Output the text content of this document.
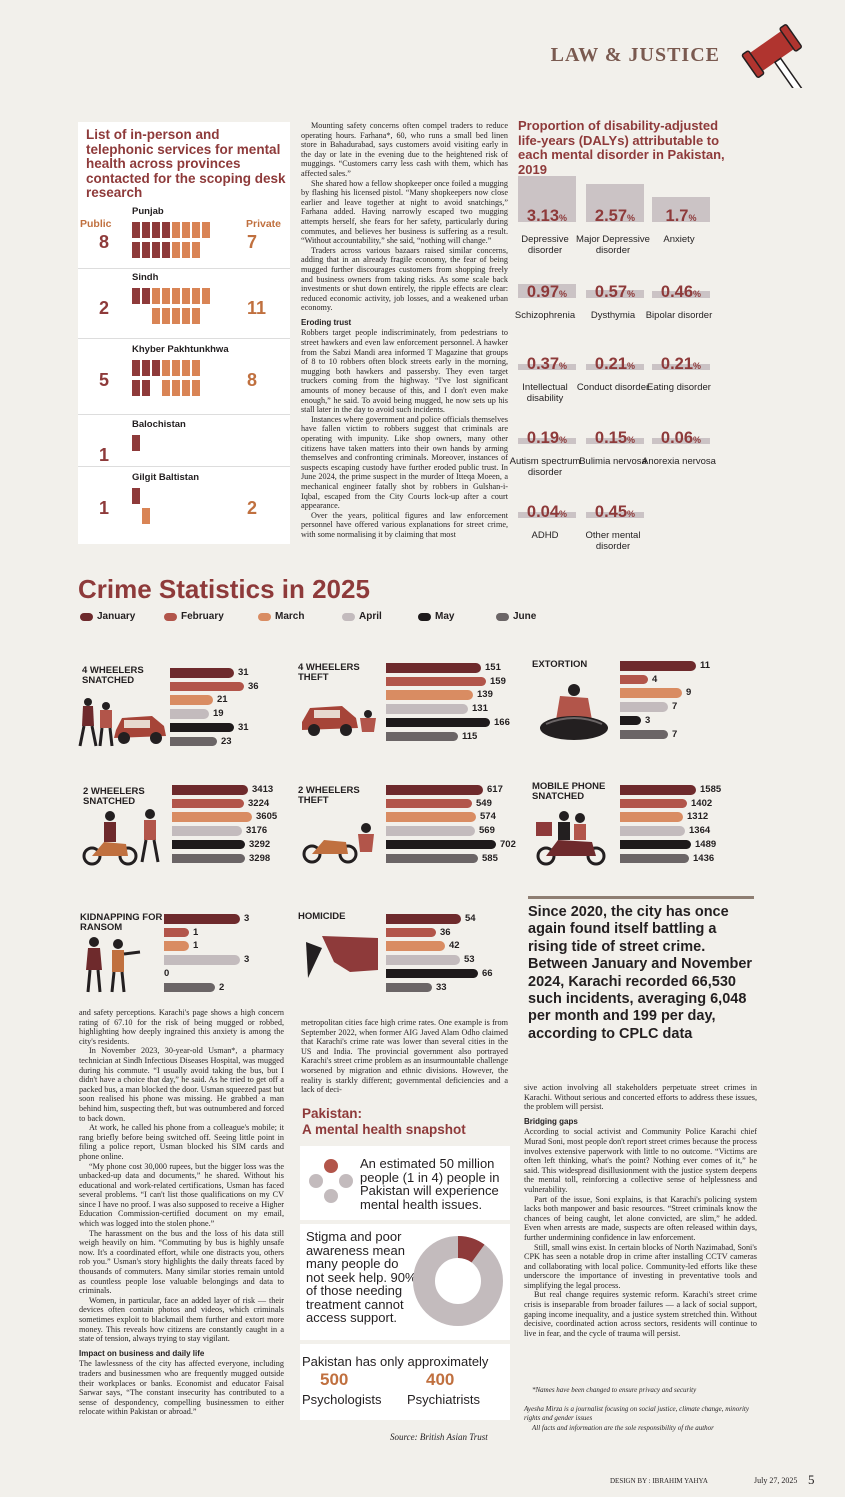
LAW & JUSTICE
List of in-person and telephonic services for mental health across provinces contacted for the scoping desk research
Public	Private
Punjab
8	7
Sindh
2	11
Khyber Pakhtunkhwa
5	8
Balochistan
1
Gilgit Baltistan
1	2

Mounting safety concerns often compel traders to reduce operating hours. Farhana*, 60, who runs a small bed linen store in Bahadurabad, says customers avoid visiting early in the day or late in the evening due to the heightened risk of muggings. “Customers carry less cash with them, which has affected sales.”

She shared how a fellow shopkeeper once foiled a mugging by flashing his licensed pistol. “Many shopkeepers now close earlier and leave together at night to avoid snatchings,” Farhana added. Having narrowly escaped two mugging attempts herself, she fears for her safety, particularly during commutes, and believes her business is suffering as a result. “Without accountability,” she said, “nothing will change.”

Traders across various bazaars raised similar concerns, adding that in an already fragile economy, the fear of being mugged further discourages customers from shopping freely and business owners from taking risks. As some scale back investments or shut down entirely, the ripple effects are clear: reduced economic activity, job losses, and a weakened urban economy.

Eroding trust

Robbers target people indiscriminately, from pedestrians to street hawkers and even law enforcement personnel. A hawker from the Sabzi Mandi area informed T Magazine that groups of 8 to 10 robbers often block streets early in the morning, mugging both hawkers and passersby. They even target truckers coming from the highway. “I've lost significant amounts of money because of this, and I don't even make enough,” he said. To avoid being mugged, he now sets up his stall later in the day to avoid such incidents.

Instances where government and police officials themselves have fallen victim to robbers suggest that criminals are operating with impunity. Like shop owners, many other citizens have taken matters into their own hands by arming themselves and confronting criminals. Moreover, instances of suspects escaping custody have further eroded public trust. In June 2024, the prime suspect in the murder of Itteqa Moeen, a mechanical engineer fatally shot by robbers in Gulshan-i-Iqbal, escaped from the City Courts lock-up after a court appearance.

Over the years, political figures and law enforcement personnel have offered various explanations for street crime, with some normalising it by claiming that most

Proportion of disability-adjusted life-years (DALYs) attributable to each mental disorder in Pakistan, 2019
3.13%
Depressive disorder
2.57%
Major Depressive disorder
1.7%
Anxiety
0.97%
Schizophrenia
0.57%
Dysthymia
0.46%
Bipolar disorder
0.37%
Intellectual disability
0.21%
Conduct disorder
0.21%
Eating disorder
0.19%
Autism spectrum disorder
0.15%
Bulimia nervosa
0.06%
Anorexia nervosa
0.04%
ADHD
0.45%
Other mental disorder
Crime Statistics in 2025
January	February	March	April	May	June
4 WHEELERS SNATCHED
31
36
21
19
31
23
4 WHEELERS THEFT
151
159
139
131
166
115
EXTORTION	11
4
9
7
3
7
2 WHEELERS SNATCHED
3413
3224
3605
3176
3292
3298
2 WHEELERS THEFT
617
549
574
569
702
585
MOBILE PHONE SNATCHED
1585
1402
1312
1364
1489
1436
KIDNAPPING FOR RANSOM
3
1
1
3
0
2
HOMICIDE	54
36
42
53
66
33
Since 2020, the city has once again found itself battling a rising tide of street crime. Between January and November 2024, Karachi recorded 66,530 such incidents, averaging 6,048 per month and 199 per day, according to CPLC data

and safety perceptions. Karachi's page shows a high concern rating of 67.10 for the risk of being mugged or robbed, highlighting how deeply ingrained this anxiety is among the city's residents.

In November 2023, 30-year-old Usman*, a pharmacy technician at Sindh Infectious Diseases Hospital, was mugged during his commute. “I usually avoid taking the bus, but I didn't have a choice that day,” he said. As he tried to get off a packed bus, a man blocked the door. Usman squeezed past but soon realised his phone was missing. He grabbed a man behind him, suspecting theft, but was outnumbered and forced to back down.

At work, he called his phone from a colleague's mobile; it rang briefly before being switched off. Seeing little point in filing a police report, Usman blocked his SIM cards and phone online.

“My phone cost 30,000 rupees, but the bigger loss was the unbacked-up data and documents,” he shared. Without his educational and work-related certifications, Usman has faced several problems. “I can't list those qualifications on my CV since I have no proof. I was also supposed to receive a Higher Education Commission-certified document on my email, which was logged into the stolen phone.”

The harassment on the bus and the loss of his data still weigh heavily on him. “Commuting by bus is highly unsafe now. It's a coordinated effort, while one distracts you, others rob you.” Usman's story highlights the daily threats faced by thousands of commuters. Many similar stories remain untold as countless people lose valuable belongings and data to criminals.

Women, in particular, face an added layer of risk — their devices often contain photos and videos, which criminals sometimes exploit to blackmail them further and extort more money. This reveals how citizens are constantly caught in a state of tension, always trying to stay vigilant.

Impact on business and daily life

The lawlessness of the city has affected everyone, including traders and businessmen who are frequently mugged outside their workplaces or banks. Economist and educator Faisal Sarwar says, “The constant insecurity has contributed to a sense of despondency, compelling businessmen to either relocate within Pakistan or abroad.”

metropolitan cities face high crime rates. One example is from September 2022, when former AIG Javed Alam Odho claimed that Karachi's crime rate was lower than several cities in the US and India. The provincial government also portrayed Karachi's street crime problem as an insurmountable challenge worsened by migration and ethnic divisions. However, the reality is starkly different; governmental deficiencies and a lack of deci-

Pakistan:
A mental health snapshot
An estimated 50 million people (1 in 4) people in Pakistan will experience mental health issues.
Stigma and poor awareness mean many people do not seek help. 90% of those needing treatment cannot access support.
90%
Pakistan has only approximately
500
Psychologists
400
Psychiatrists
Source: British Asian Trust

sive action involving all stakeholders perpetuate street crimes in Karachi. Without serious and concerted efforts to address these issues, the problem will persist.

Bridging gaps

According to social activist and Community Police Karachi chief Murad Soni, most people don't report street crimes because the process involves extensive paperwork with little to no outcome. “Victims are often left thinking, what's the point? Nothing ever comes of it,” he said. This widespread disillusionment with the justice system deepens the mental toll, reinforcing a collective sense of helplessness and vulnerability.

Part of the issue, Soni explains, is that Karachi's policing system lacks both manpower and basic resources. “Street criminals know the chances of being caught, let alone convicted, are slim,” he added. Even when arrests are made, suspects are often released within days, further undermining confidence in law enforcement.

Still, small wins exist. In certain blocks of North Nazimabad, Soni's CPK has seen a notable drop in crime after installing CCTV cameras and collaborating with local police. Community-led efforts like these underscore the importance of investing in preventative tools and simplifying the legal process.

But real change requires systemic reform. Karachi's street crime crisis is inseparable from broader failures — a lack of social support, gaping income inequality, and a justice system stretched thin. Without decisive, coordinated action across sectors, residents will continue to live in fear, and the cycle of trauma will persist.

*Names have been changed to ensure privacy and security
Ayesha Mirza is a journalist focusing on social justice, climate change, minority rights and gender issues
All facts and information are the sole responsibility of the author
DESIGN BY : IBRAHIM YAHYA	July 27, 2025 5
